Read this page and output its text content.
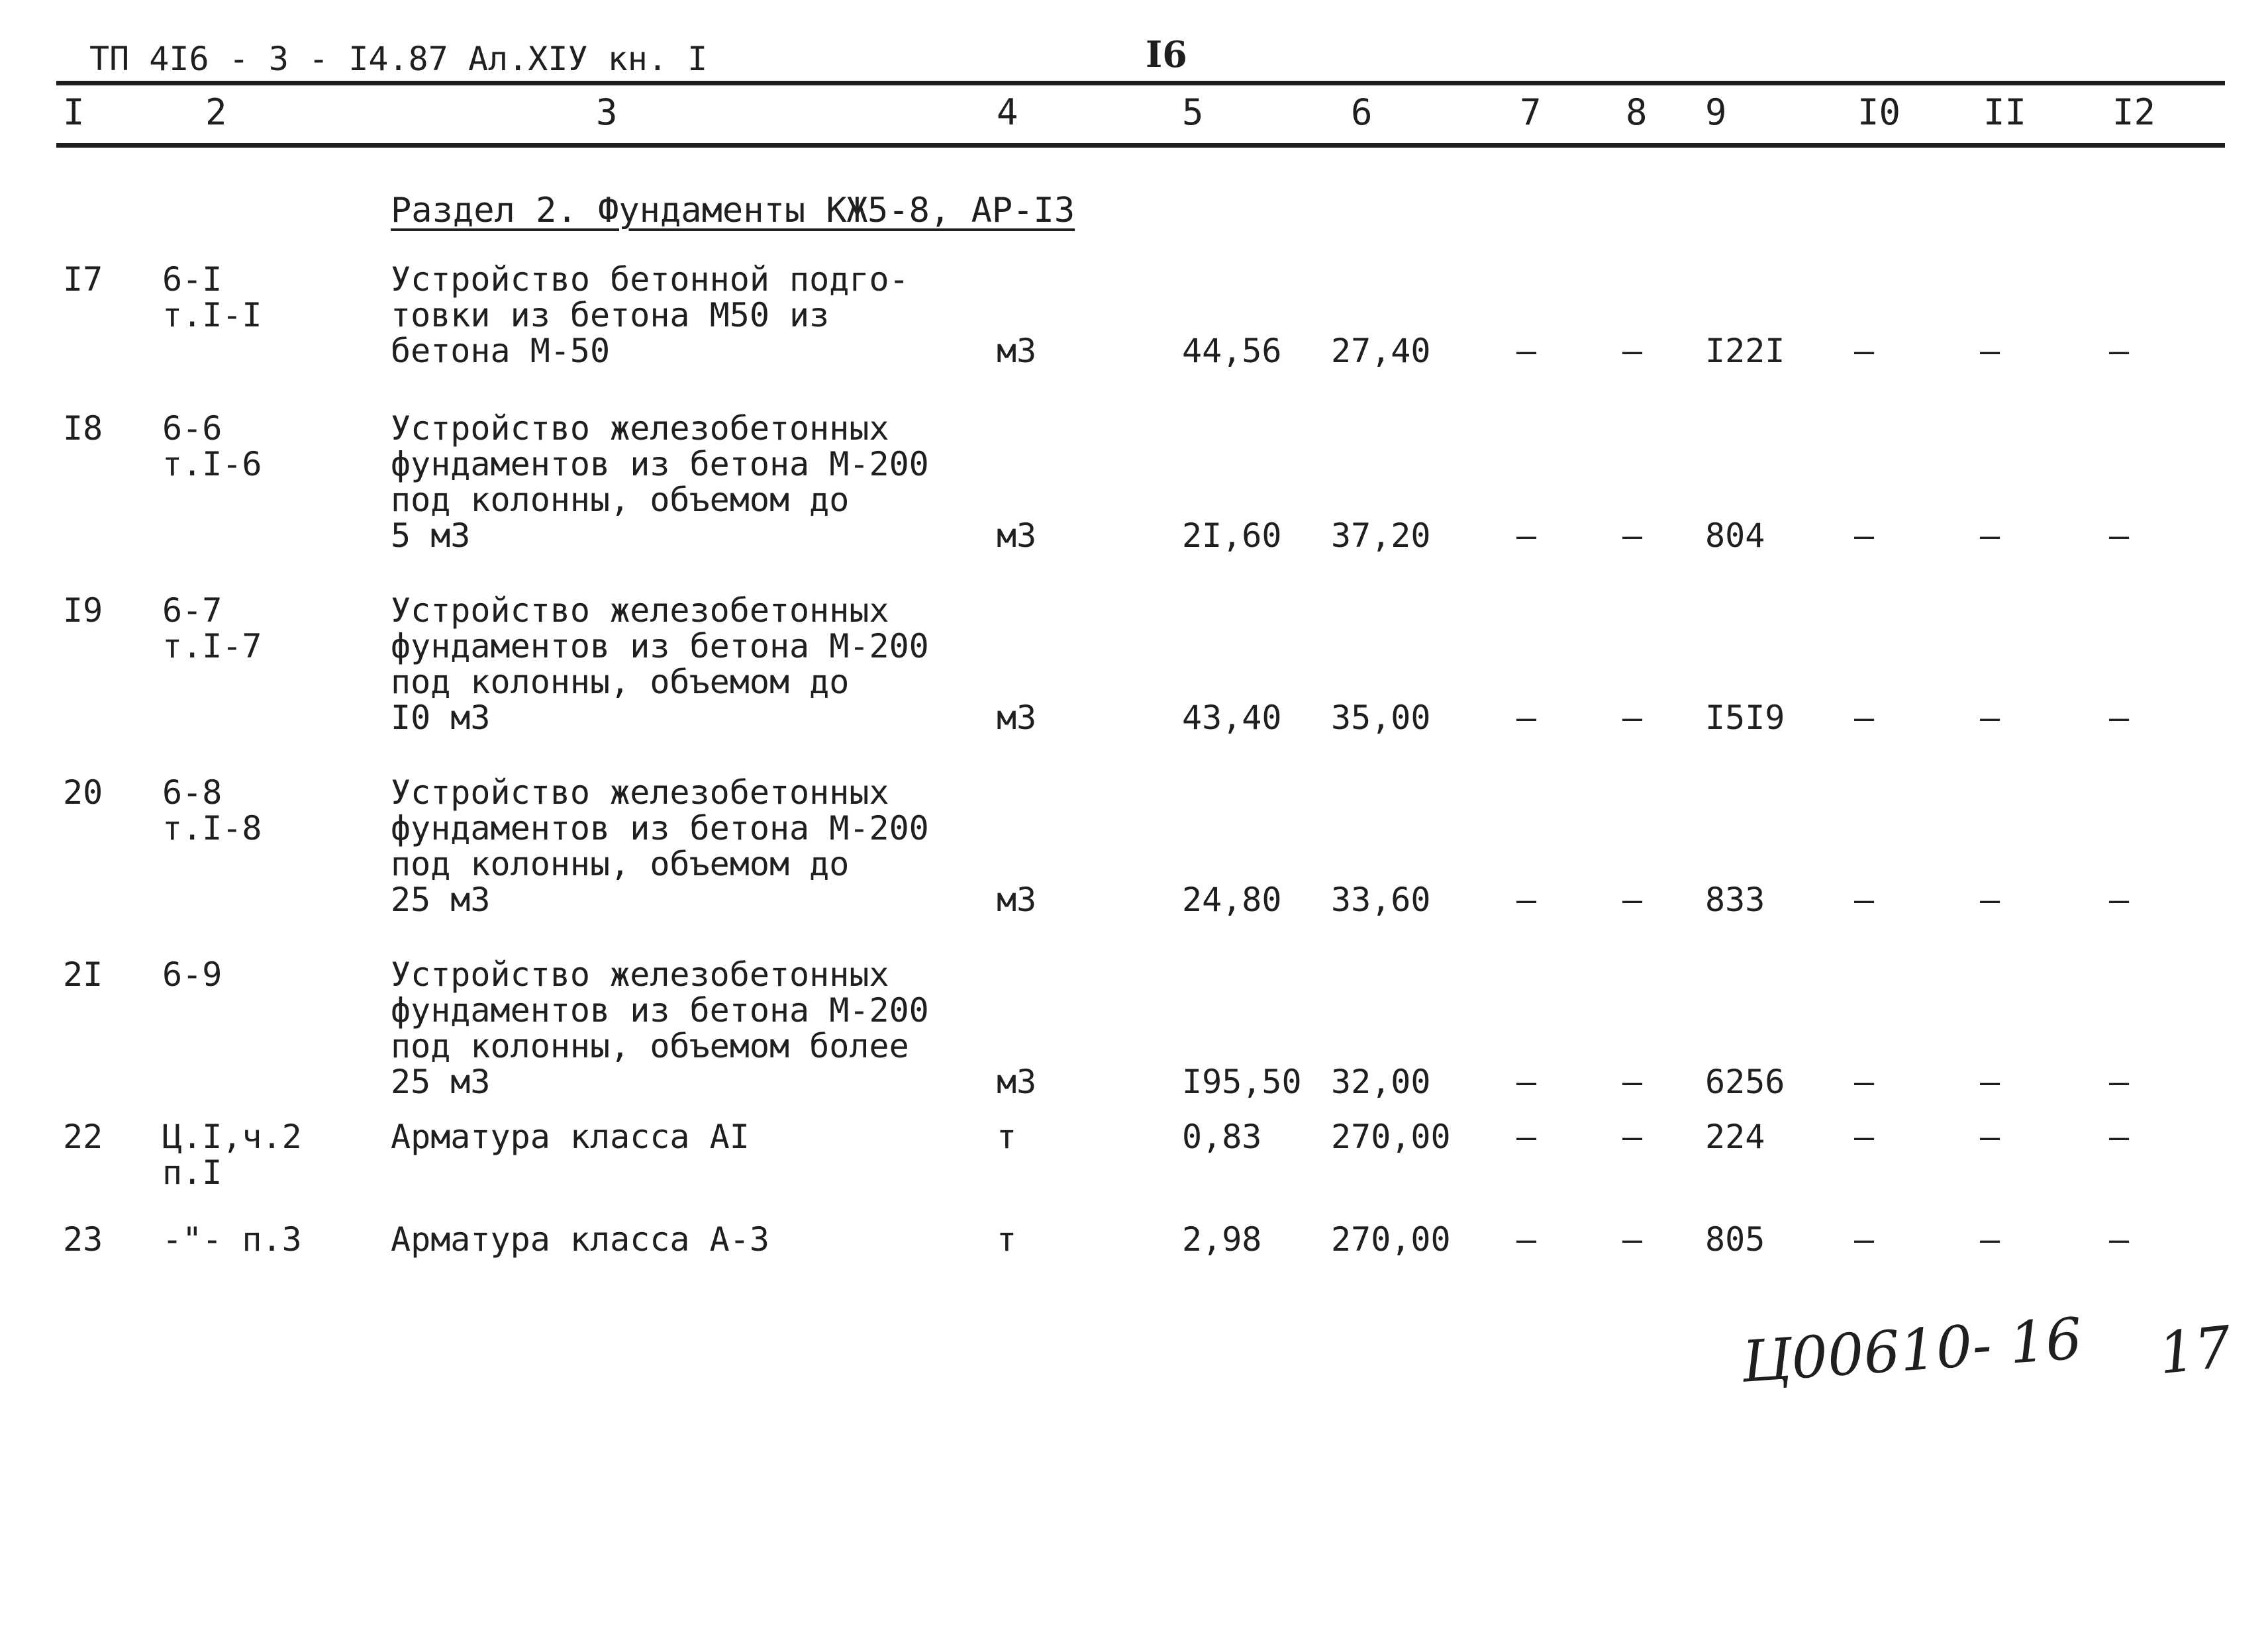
ТП 4I6 - 3 - I4.87 Ал.XIУ кн. I	I6
I	2	3	4	5	6	7 8 9	I0 II I2
Раздел 2. Фундаменты КЖ5-8, АР-I3
I7 6-I
т.I-I
Устройство бетонной подго-
товки из бетона М50 из
бетона М-50	м3	44,56 27,40	–	– I22I –	–	–
I8 6-6
т.I-6
Устройство железобетонных
фундаментов из бетона М-200
под колонны, объемом до
5 м3	м3	2I,60 37,20	–	– 804	–	–	–
I9 6-7
т.I-7
Устройство железобетонных
фундаментов из бетона М-200
под колонны, объемом до
I0 м3	м3	43,40 35,00	–	– I5I9 –	–	–
20 6-8
т.I-8
Устройство железобетонных
фундаментов из бетона М-200
под колонны, объемом до
25 м3	м3	24,80 33,60	–	– 833	–	–	–
2I 6-9	Устройство железобетонных
фундаментов из бетона М-200
под колонны, объемом более
25 м3	м3	I95,50 32,00	–	– 6256 –	–	–
22 Ц.I,ч.2
п.I
Арматура класса АI	т	0,83 270,00 –	– 224	–	–	–
23 -"- п.3	Арматура класса А-3	т	2,98 270,00 –	– 805	–	–	–
Ц00610- 16 17
